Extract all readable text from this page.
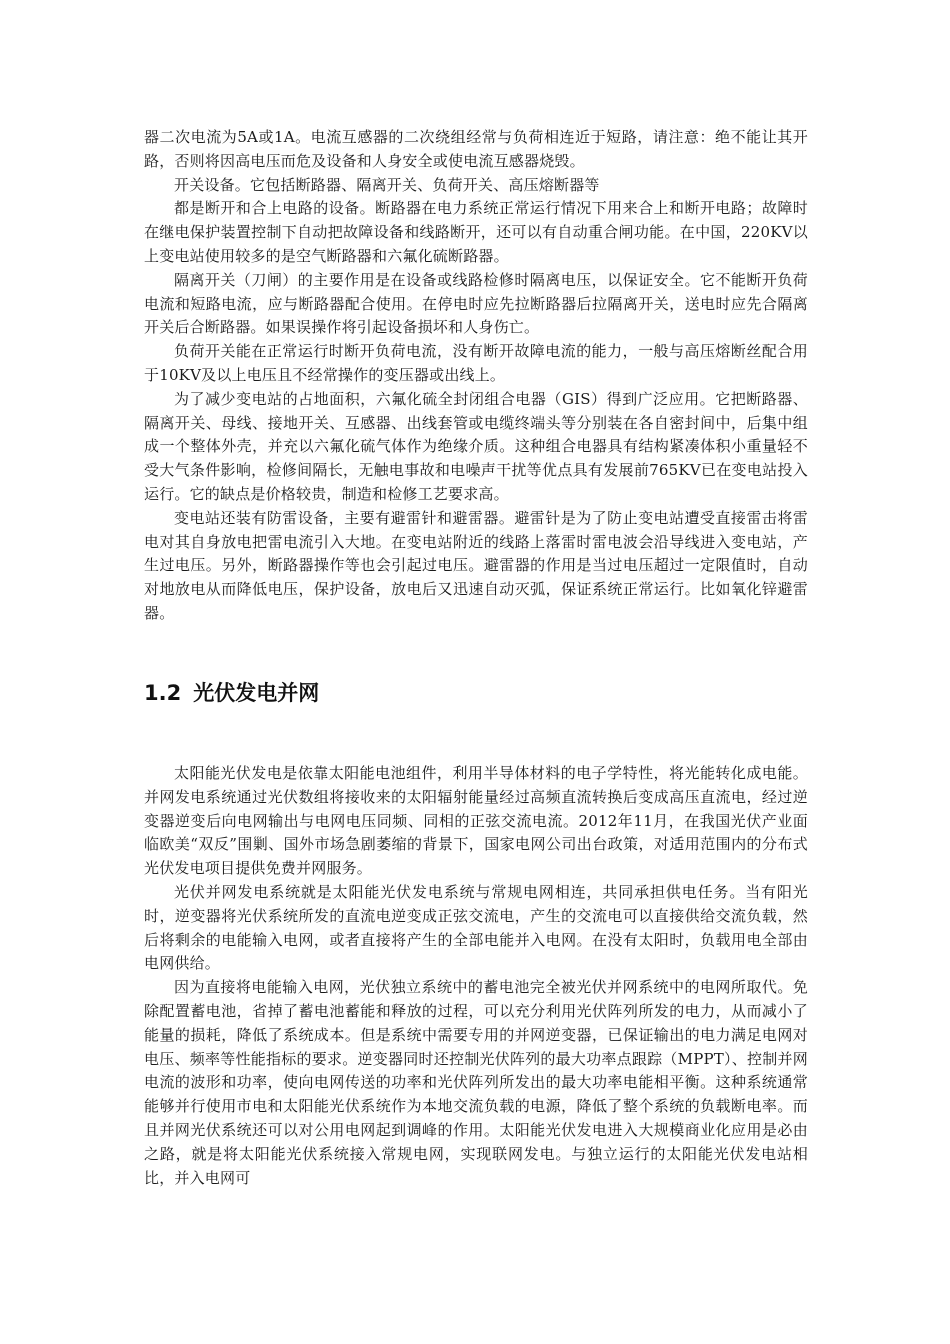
器二次电流为5A或1A。电流互感器的二次绕组经常与负荷相连近于短路，请注意：绝不能让其开路，否则将因高电压而危及设备和人身安全或使电流互感器烧毁。

开关设备。它包括断路器、隔离开关、负荷开关、高压熔断器等

都是断开和合上电路的设备。断路器在电力系统正常运行情况下用来合上和断开电路；故障时在继电保护装置控制下自动把故障设备和线路断开，还可以有自动重合闸功能。在中国，220KV以上变电站使用较多的是空气断路器和六氟化硫断路器。

隔离开关（刀闸）的主要作用是在设备或线路检修时隔离电压，以保证安全。它不能断开负荷电流和短路电流，应与断路器配合使用。在停电时应先拉断路器后拉隔离开关，送电时应先合隔离开关后合断路器。如果误操作将引起设备损坏和人身伤亡。

负荷开关能在正常运行时断开负荷电流，没有断开故障电流的能力，一般与高压熔断丝配合用于10KV及以上电压且不经常操作的变压器或出线上。

为了减少变电站的占地面积，六氟化硫全封闭组合电器（GIS）得到广泛应用。它把断路器、隔离开关、母线、接地开关、互感器、出线套管或电缆终端头等分别装在各自密封间中，后集中组成一个整体外壳，并充以六氟化硫气体作为绝缘介质。这种组合电器具有结构紧凑体积小重量轻不受大气条件影响，检修间隔长，无触电事故和电噪声干扰等优点具有发展前765KV已在变电站投入运行。它的缺点是价格较贵，制造和检修工艺要求高。

变电站还装有防雷设备，主要有避雷针和避雷器。避雷针是为了防止变电站遭受直接雷击将雷电对其自身放电把雷电流引入大地。在变电站附近的线路上落雷时雷电波会沿导线进入变电站，产生过电压。另外，断路器操作等也会引起过电压。避雷器的作用是当过电压超过一定限值时，自动对地放电从而降低电压，保护设备，放电后又迅速自动灭弧，保证系统正常运行。比如氧化锌避雷器。

1.2 光伏发电并网

太阳能光伏发电是依靠太阳能电池组件，利用半导体材料的电子学特性，将光能转化成电能。并网发电系统通过光伏数组将接收来的太阳辐射能量经过高频直流转换后变成高压直流电，经过逆变器逆变后向电网输出与电网电压同频、同相的正弦交流电流。2012年11月，在我国光伏产业面临欧美“双反”围剿、国外市场急剧萎缩的背景下，国家电网公司出台政策，对适用范围内的分布式光伏发电项目提供免费并网服务。

光伏并网发电系统就是太阳能光伏发电系统与常规电网相连，共同承担供电任务。当有阳光时，逆变器将光伏系统所发的直流电逆变成正弦交流电，产生的交流电可以直接供给交流负载，然后将剩余的电能输入电网，或者直接将产生的全部电能并入电网。在没有太阳时，负载用电全部由电网供给。

因为直接将电能输入电网，光伏独立系统中的蓄电池完全被光伏并网系统中的电网所取代。免除配置蓄电池，省掉了蓄电池蓄能和释放的过程，可以充分利用光伏阵列所发的电力，从而减小了能量的损耗，降低了系统成本。但是系统中需要专用的并网逆变器，已保证输出的电力满足电网对电压、频率等性能指标的要求。逆变器同时还控制光伏阵列的最大功率点跟踪（MPPT）、控制并网电流的波形和功率，使向电网传送的功率和光伏阵列所发出的最大功率电能相平衡。这种系统通常能够并行使用市电和太阳能光伏系统作为本地交流负载的电源，降低了整个系统的负载断电率。而且并网光伏系统还可以对公用电网起到调峰的作用。太阳能光伏发电进入大规模商业化应用是必由之路，就是将太阳能光伏系统接入常规电网，实现联网发电。与独立运行的太阳能光伏发电站相比，并入电网可
